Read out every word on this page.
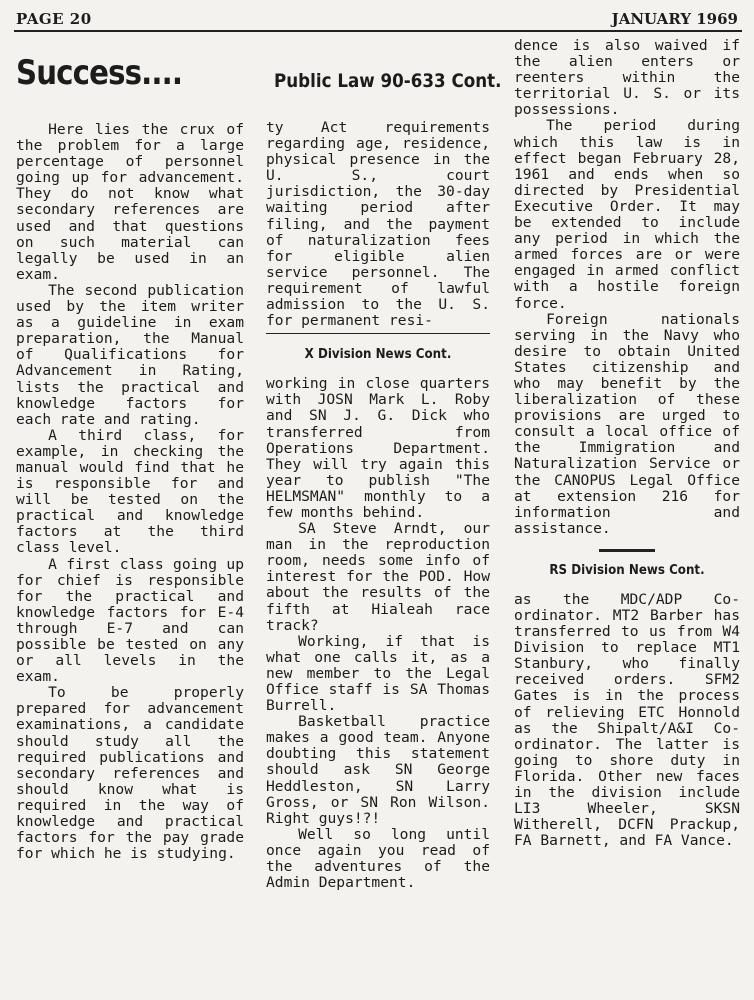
PAGE 20	JANUARY 1969
Success....

Here lies the crux of the problem for a large percentage of personnel going up for advancement. They do not know what secondary references are used and that questions on such material can legally be used in an exam.

The second publication used by the item writer as a guideline in exam preparation, the Manual of Qualifications for Advancement in Rating, lists the practical and knowledge factors for each rate and rating.

A third class, for example, in checking the manual would find that he is responsible for and will be tested on the practical and knowledge factors at the third class level.

A first class going up for chief is responsible for the practical and knowledge factors for E-4 through E-7 and can possible be tested on any or all levels in the exam.

To be properly prepared for advancement examinations, a candidate should study all the required publications and secondary references and should know what is required in the way of knowledge and practical factors for the pay grade for which he is studying.

Public Law 90-633 Cont.

ty Act requirements regarding age, residence, physical presence in the U. S., court jurisdiction, the 30-day waiting period after filing, and the payment of naturalization fees for eligible alien service personnel. The requirement of lawful admission to the U. S. for permanent resi-

X Division News Cont.

working in close quarters with JOSN Mark L. Roby and SN J. G. Dick who transferred from Operations Department. They will try again this year to publish "The HELMSMAN" monthly to a few months behind.

SA Steve Arndt, our man in the reproduction room, needs some info of interest for the POD. How about the results of the fifth at Hialeah race track?

Working, if that is what one calls it, as a new member to the Legal Office staff is SA Thomas Burrell.

Basketball practice makes a good team. Anyone doubting this statement should ask SN George Heddleston, SN Larry Gross, or SN Ron Wilson. Right guys!?!

Well so long until once again you read of the adventures of the Admin Department.

dence is also waived if the alien enters or reenters within the territorial U. S. or its possessions.

The period during which this law is in effect began February 28, 1961 and ends when so directed by Presidential Executive Order. It may be extended to include any period in which the armed forces are or were engaged in armed conflict with a hostile foreign force.

Foreign nationals serving in the Navy who desire to obtain United States citizenship and who may benefit by the liberalization of these provisions are urged to consult a local office of the Immigration and Naturalization Service or the CANOPUS Legal Office at extension 216 for information and assistance.

RS Division News Cont.

as the MDC/ADP Co-ordinator. MT2 Barber has transferred to us from W4 Division to replace MT1 Stanbury, who finally received orders. SFM2 Gates is in the process of relieving ETC Honnold as the Shipalt/A&I Co-ordinator. The latter is going to shore duty in Florida. Other new faces in the division include LI3 Wheeler, SKSN Witherell, DCFN Prackup, FA Barnett, and FA Vance.
